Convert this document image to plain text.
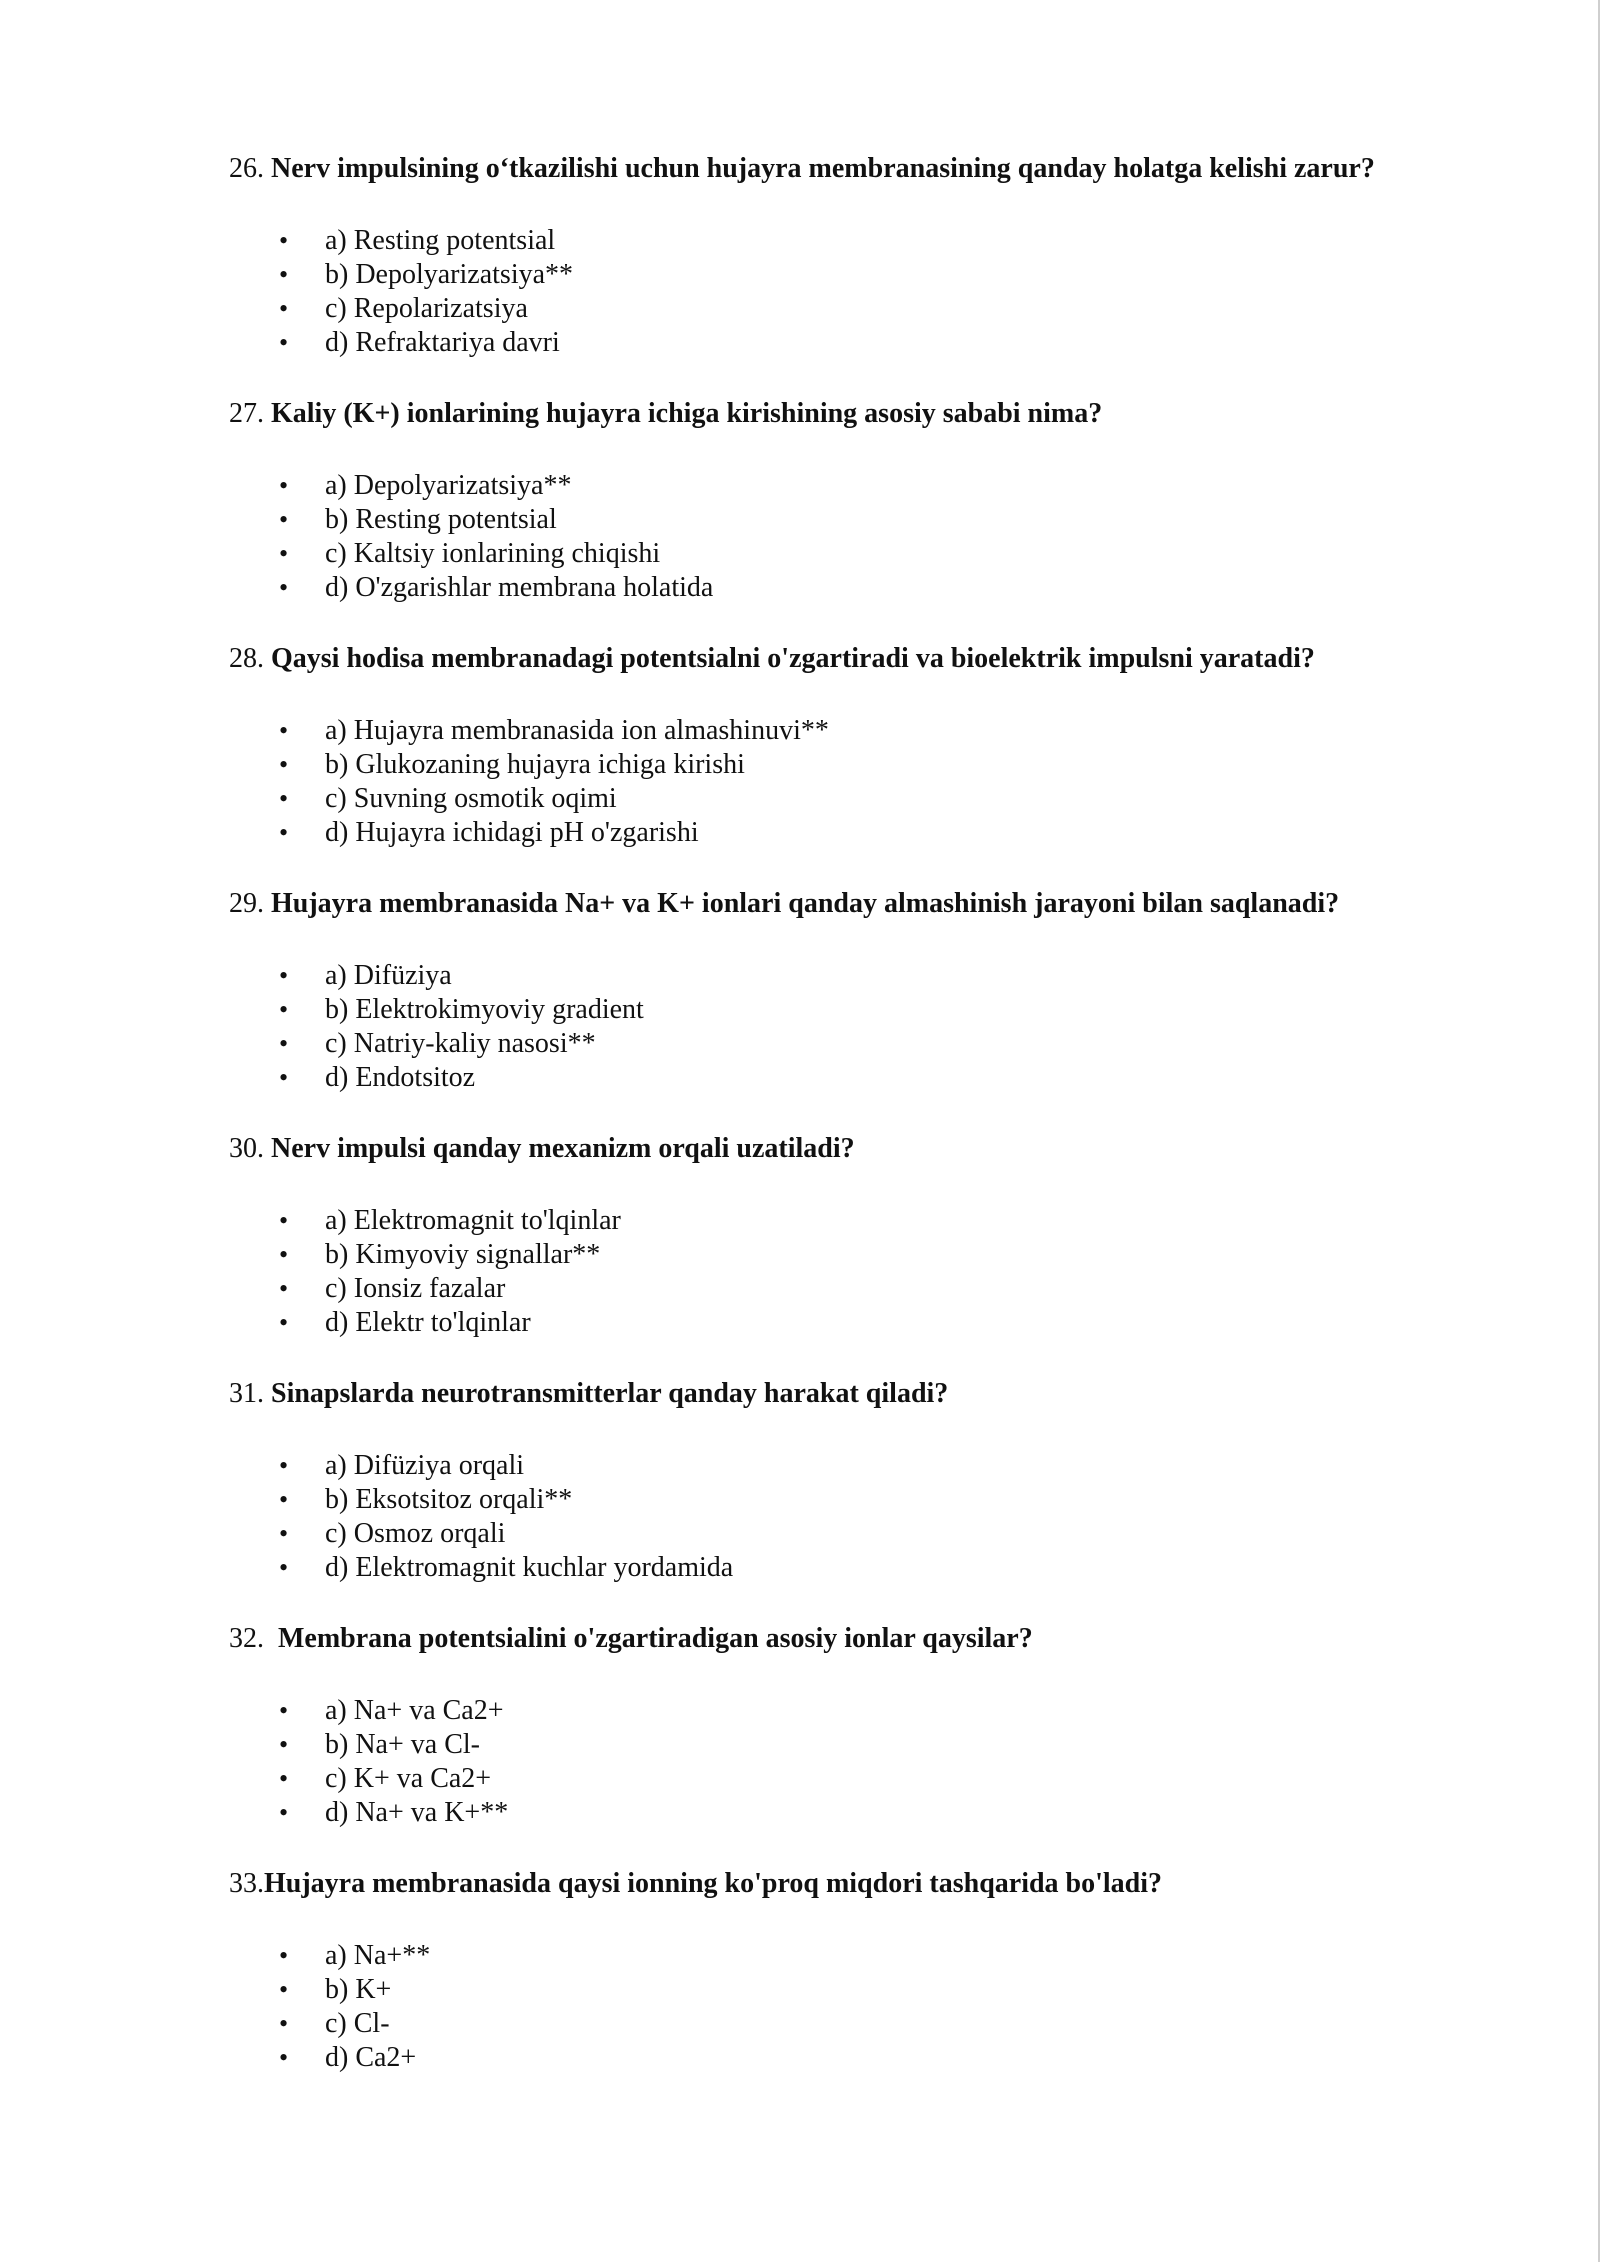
26. Nerv impulsining o‘tkazilishi uchun hujayra membranasining qanday holatga kelishi zarur?
• a) Resting potentsial
• b) Depolyarizatsiya**
• c) Repolarizatsiya
• d) Refraktariya davri
27. Kaliy (K+) ionlarining hujayra ichiga kirishining asosiy sababi nima?
• a) Depolyarizatsiya**
• b) Resting potentsial
• c) Kaltsiy ionlarining chiqishi
• d) O'zgarishlar membrana holatida
28. Qaysi hodisa membranadagi potentsialni o'zgartiradi va bioelektrik impulsni yaratadi?
• a) Hujayra membranasida ion almashinuvi**
• b) Glukozaning hujayra ichiga kirishi
• c) Suvning osmotik oqimi
• d) Hujayra ichidagi pH o'zgarishi
29. Hujayra membranasida Na+ va K+ ionlari qanday almashinish jarayoni bilan saqlanadi?
• a) Difüziya
• b) Elektrokimyoviy gradient
• c) Natriy-kaliy nasosi**
• d) Endotsitoz
30. Nerv impulsi qanday mexanizm orqali uzatiladi?
• a) Elektromagnit to'lqinlar
• b) Kimyoviy signallar**
• c) Ionsiz fazalar
• d) Elektr to'lqinlar
31. Sinapslarda neurotransmitterlar qanday harakat qiladi?
• a) Difüziya orqali
• b) Eksotsitoz orqali**
• c) Osmoz orqali
• d) Elektromagnit kuchlar yordamida
32.  Membrana potentsialini o'zgartiradigan asosiy ionlar qaysilar?
• a) Na+ va Ca2+
• b) Na+ va Cl-
• c) K+ va Ca2+
• d) Na+ va K+**
33.Hujayra membranasida qaysi ionning ko'proq miqdori tashqarida bo'ladi?
• a) Na+**
• b) K+
• c) Cl-
• d) Ca2+
